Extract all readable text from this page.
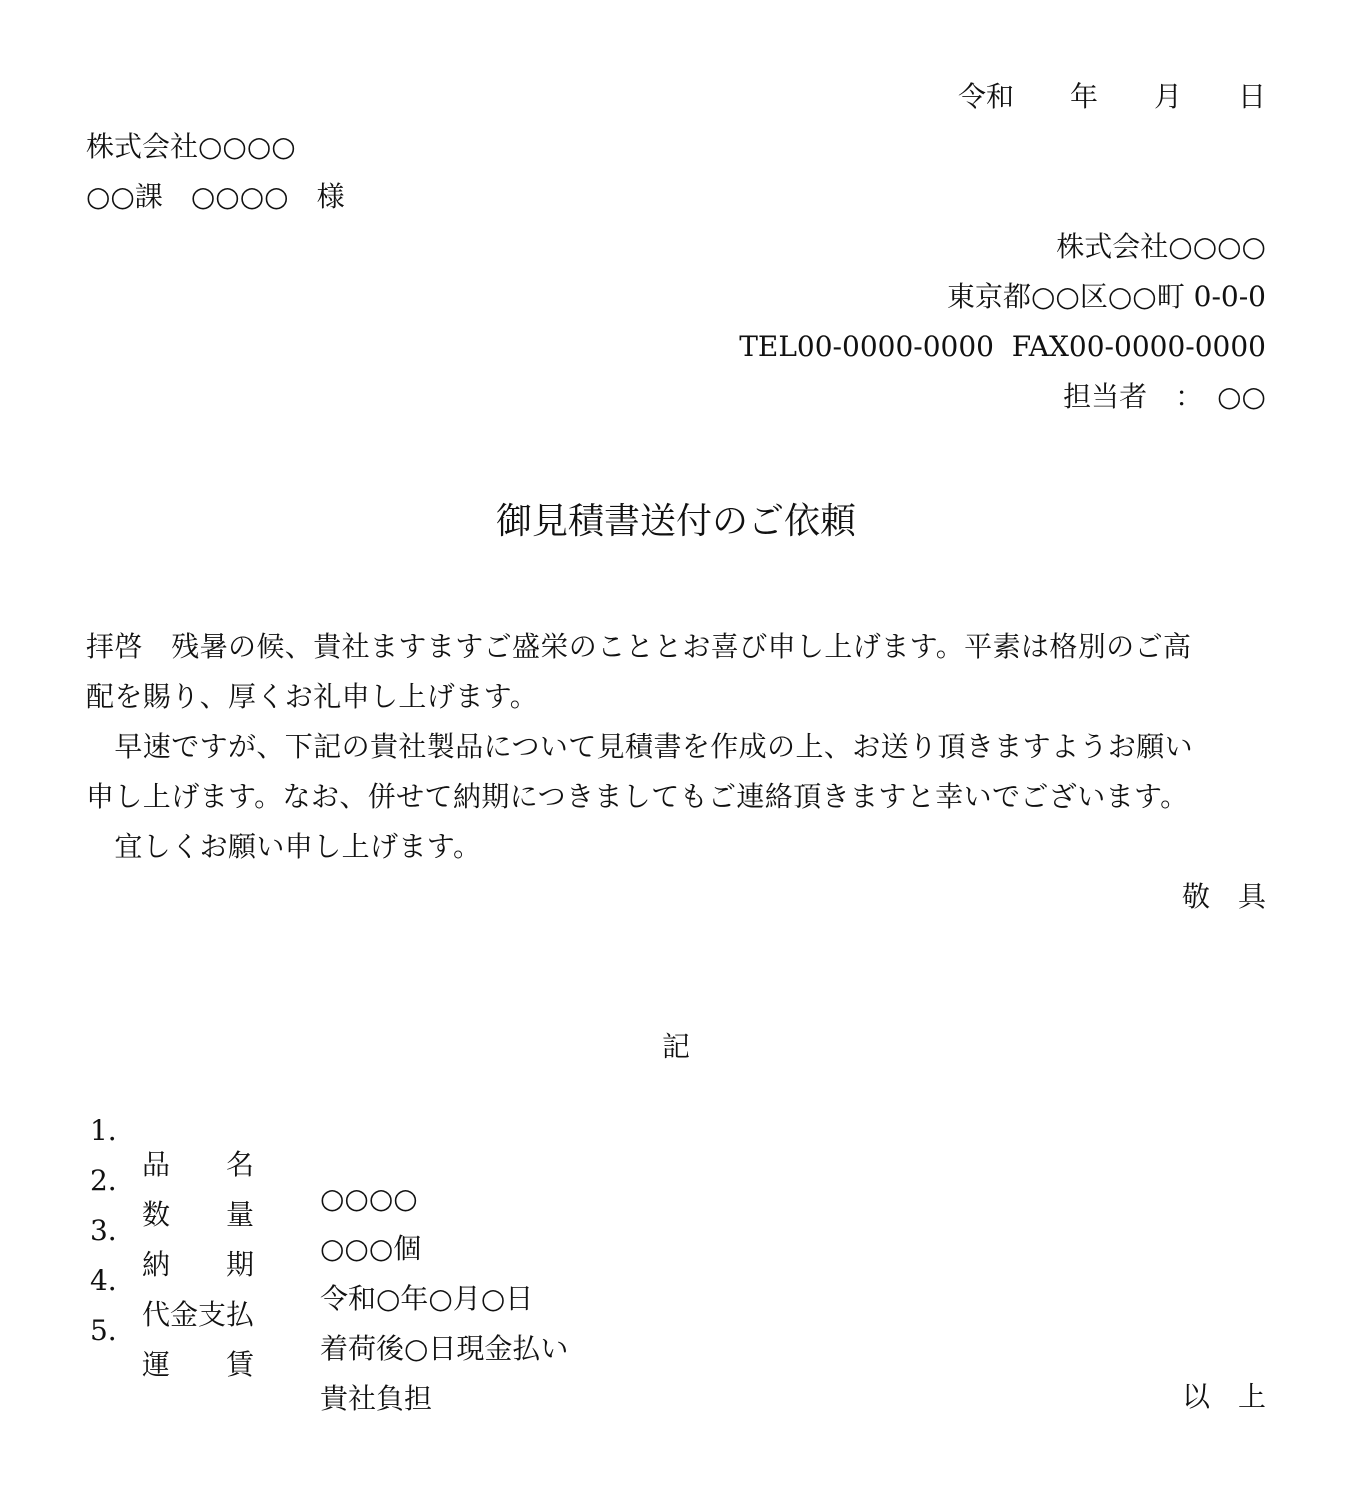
令和　　年　　月　　日
株式会社○○○○
○○課　○○○○　様
株式会社○○○○
東京都○○区○○町 0-0-0
TEL00-0000-0000  FAX00-0000-0000
担当者　：　○○
御見積書送付のご依頼
拝啓　残暑の候、貴社ますますご盛栄のこととお喜び申し上げます。平素は格別のご高
配を賜り、厚くお礼申し上げます。
　早速ですが、下記の貴社製品について見積書を作成の上、お送り頂きますようお願い
申し上げます。なお、併せて納期につきましてもご連絡頂きますと幸いでございます。
　宜しくお願い申し上げます。
敬　具
記

1．

品　　名

○○○○

2．

数　　量

○○○個

3．

納　　期

令和○年○月○日

4．

代金支払

着荷後○日現金払い

5．

運　　賃

貴社負担

	以　上
